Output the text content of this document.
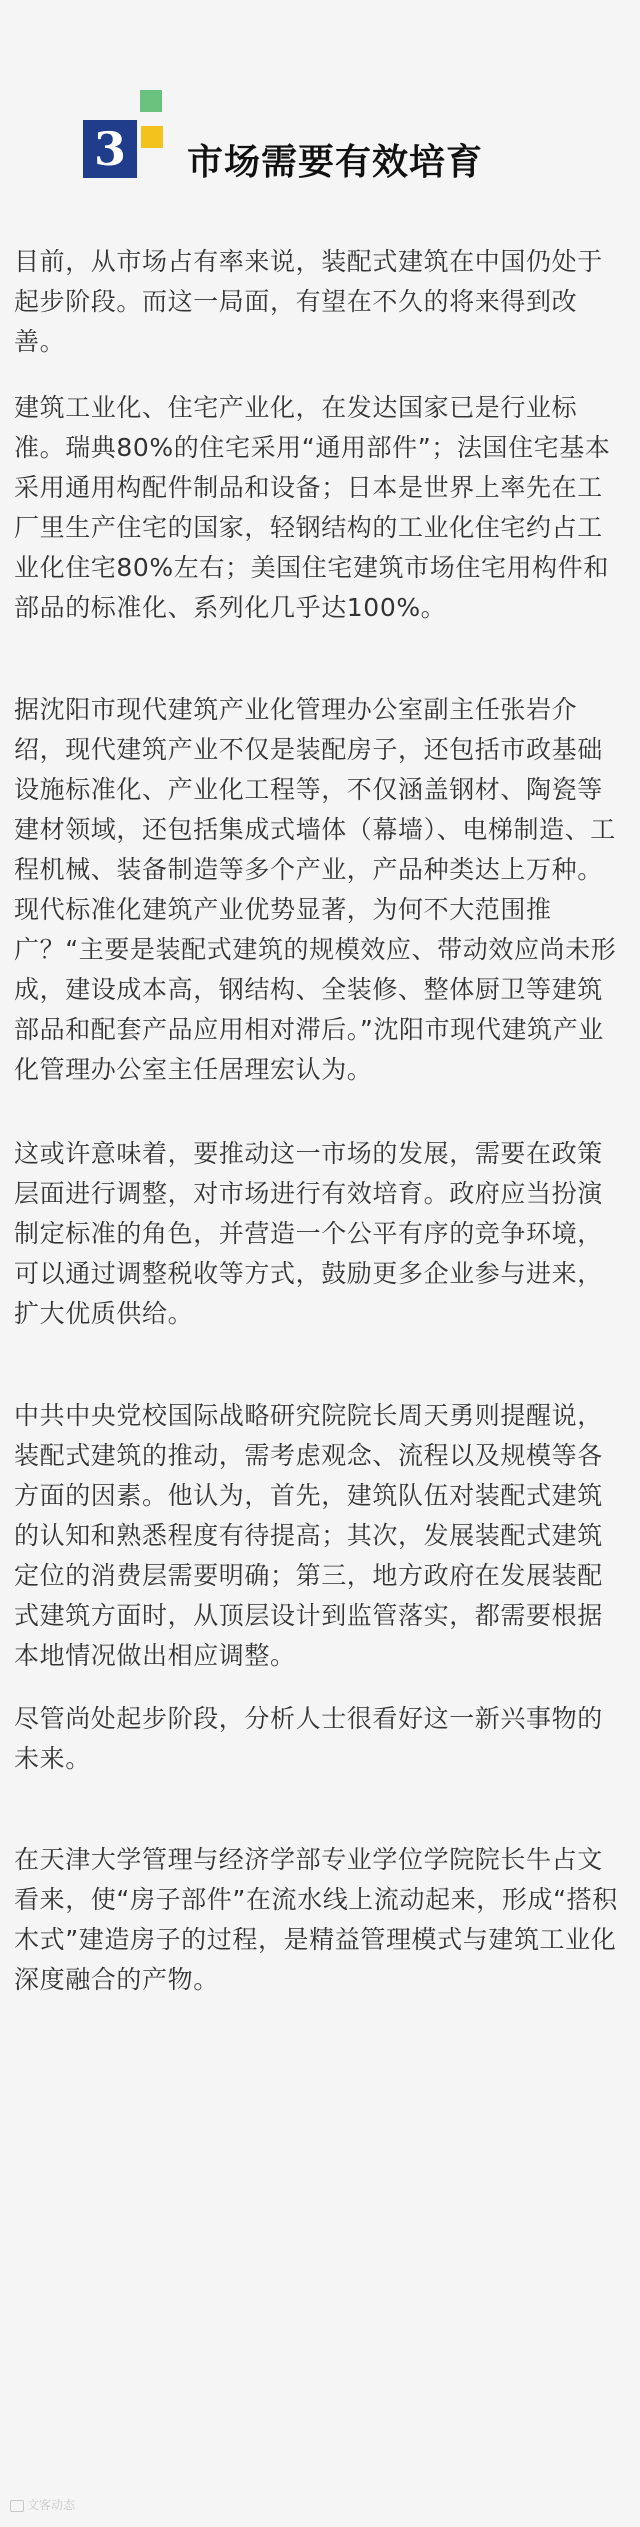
3	市场需要有效培育

目前，从市场占有率来说，装配式建筑在中国仍处于起步阶段。而这一局面，有望在不久的将来得到改善。

建筑工业化、住宅产业化，在发达国家已是行业标准。瑞典80%的住宅采用“通用部件”；法国住宅基本采用通用构配件制品和设备；日本是世界上率先在工厂里生产住宅的国家，轻钢结构的工业化住宅约占工业化住宅80%左右；美国住宅建筑市场住宅用构件和部品的标准化、系列化几乎达100%。

据沈阳市现代建筑产业化管理办公室副主任张岩介绍，现代建筑产业不仅是装配房子，还包括市政基础设施标准化、产业化工程等，不仅涵盖钢材、陶瓷等建材领域，还包括集成式墙体（幕墙）、电梯制造、工程机械、装备制造等多个产业，产品种类达上万种。现代标准化建筑产业优势显著，为何不大范围推广？“主要是装配式建筑的规模效应、带动效应尚未形成，建设成本高，钢结构、全装修、整体厨卫等建筑部品和配套产品应用相对滞后。”沈阳市现代建筑产业化管理办公室主任居理宏认为。

这或许意味着，要推动这一市场的发展，需要在政策层面进行调整，对市场进行有效培育。政府应当扮演制定标准的角色，并营造一个公平有序的竞争环境，可以通过调整税收等方式，鼓励更多企业参与进来，扩大优质供给。

中共中央党校国际战略研究院院长周天勇则提醒说，装配式建筑的推动，需考虑观念、流程以及规模等各方面的因素。他认为，首先，建筑队伍对装配式建筑的认知和熟悉程度有待提高；其次，发展装配式建筑定位的消费层需要明确；第三，地方政府在发展装配式建筑方面时，从顶层设计到监管落实，都需要根据本地情况做出相应调整。

尽管尚处起步阶段，分析人士很看好这一新兴事物的未来。

在天津大学管理与经济学部专业学位学院院长牛占文看来，使“房子部件”在流水线上流动起来，形成“搭积木式”建造房子的过程，是精益管理模式与建筑工业化深度融合的产物。

文客动态
